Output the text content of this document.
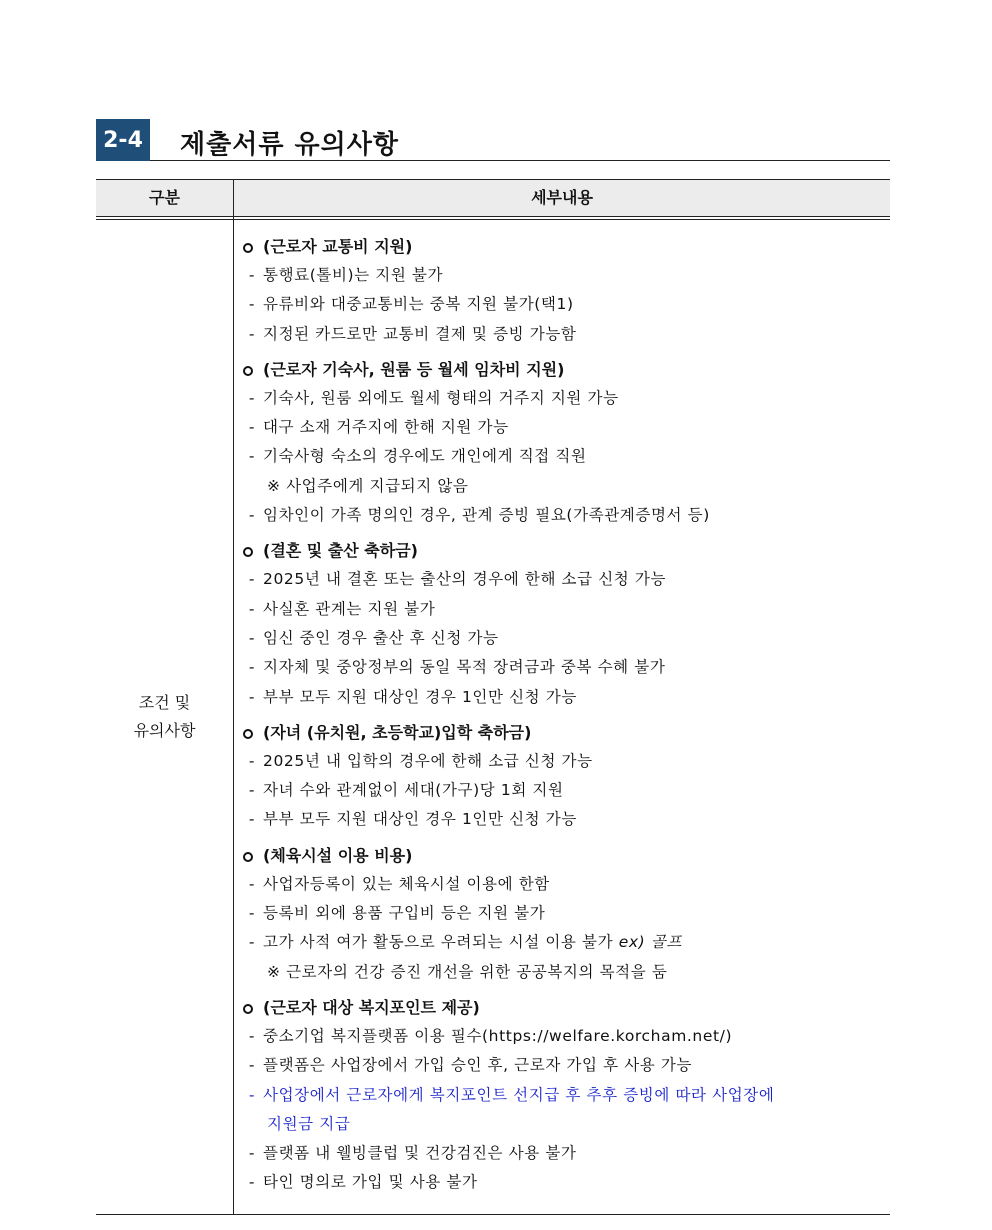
2-4 제출서류 유의사항
구분	세부내용
조건 및
유의사항
(근로자 교통비 지원)
- 통행료(톨비)는 지원 불가
- 유류비와 대중교통비는 중복 지원 불가(택1)
- 지정된 카드로만 교통비 결제 및 증빙 가능함
(근로자 기숙사, 원룸 등 월세 임차비 지원)
- 기숙사, 원룸 외에도 월세 형태의 거주지 지원 가능
- 대구 소재 거주지에 한해 지원 가능
- 기숙사형 숙소의 경우에도 개인에게 직접 직원
※ 사업주에게 지급되지 않음
- 임차인이 가족 명의인 경우, 관계 증빙 필요(가족관계증명서 등)
(결혼 및 출산 축하금)
- 2025년 내 결혼 또는 출산의 경우에 한해 소급 신청 가능
- 사실혼 관계는 지원 불가
- 임신 중인 경우 출산 후 신청 가능
- 지자체 및 중앙정부의 동일 목적 장려금과 중복 수혜 불가
- 부부 모두 지원 대상인 경우 1인만 신청 가능
(자녀 (유치원, 초등학교)입학 축하금)
- 2025년 내 입학의 경우에 한해 소급 신청 가능
- 자녀 수와 관계없이 세대(가구)당 1회 지원
- 부부 모두 지원 대상인 경우 1인만 신청 가능
(체육시설 이용 비용)
- 사업자등록이 있는 체육시설 이용에 한함
- 등록비 외에 용품 구입비 등은 지원 불가
- 고가 사적 여가 활동으로 우려되는 시설 이용 불가 ex) 골프
※ 근로자의 건강 증진 개선을 위한 공공복지의 목적을 둠
(근로자 대상 복지포인트 제공)
- 중소기업 복지플랫폼 이용 필수(https://welfare.korcham.net/)
- 플랫폼은 사업장에서 가입 승인 후, 근로자 가입 후 사용 가능
- 사업장에서 근로자에게 복지포인트 선지급 후 추후 증빙에 따라 사업장에
지원금 지급
- 플랫폼 내 웰빙클럽 및 건강검진은 사용 불가
- 타인 명의로 가입 및 사용 불가
